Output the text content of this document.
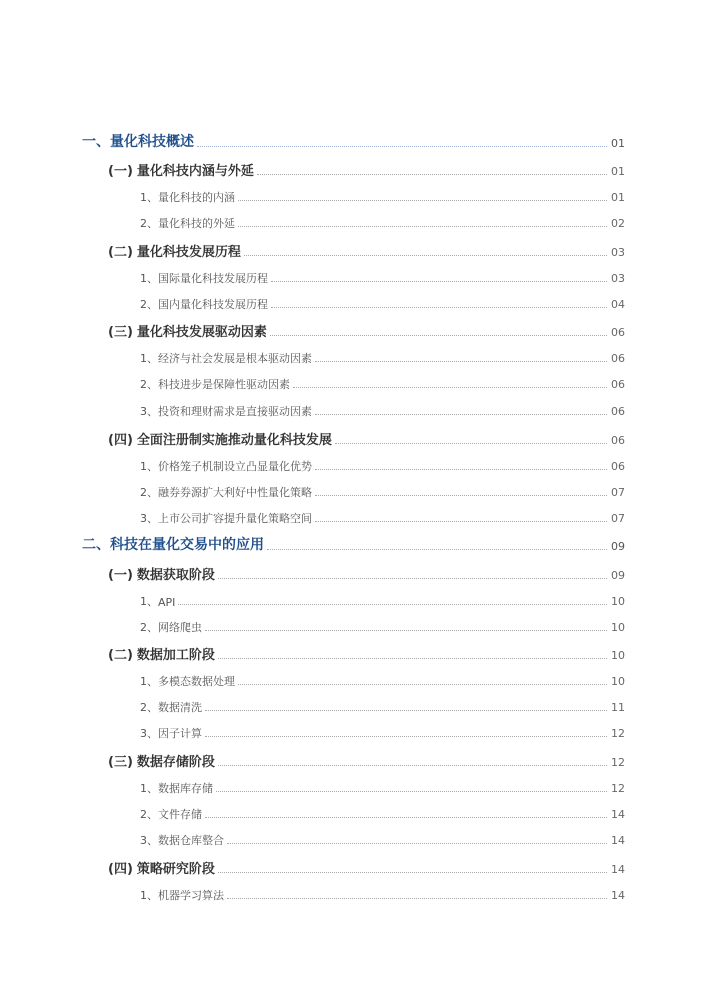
一、 量化科技概述	01
(一) 量化科技内涵与外延	01
1、 量化科技的内涵	01
2、 量化科技的外延	02
(二) 量化科技发展历程	03
1、 国际量化科技发展历程	03
2、 国内量化科技发展历程	04
(三) 量化科技发展驱动因素	06
1、 经济与社会发展是根本驱动因素	06
2、 科技进步是保障性驱动因素	06
3、 投资和理财需求是直接驱动因素	06
(四) 全面注册制实施推动量化科技发展	06
1、 价格笼子机制设立凸显量化优势	06
2、 融券券源扩大利好中性量化策略	07
3、 上市公司扩容提升量化策略空间	07
二、 科技在量化交易中的应用	09
(一) 数据获取阶段	09
1、 API	10
2、 网络爬虫	10
(二) 数据加工阶段	10
1、 多模态数据处理	10
2、 数据清洗	11
3、 因子计算	12
(三) 数据存储阶段	12
1、 数据库存储	12
2、 文件存储	14
3、 数据仓库整合	14
(四) 策略研究阶段	14
1、 机器学习算法	14
